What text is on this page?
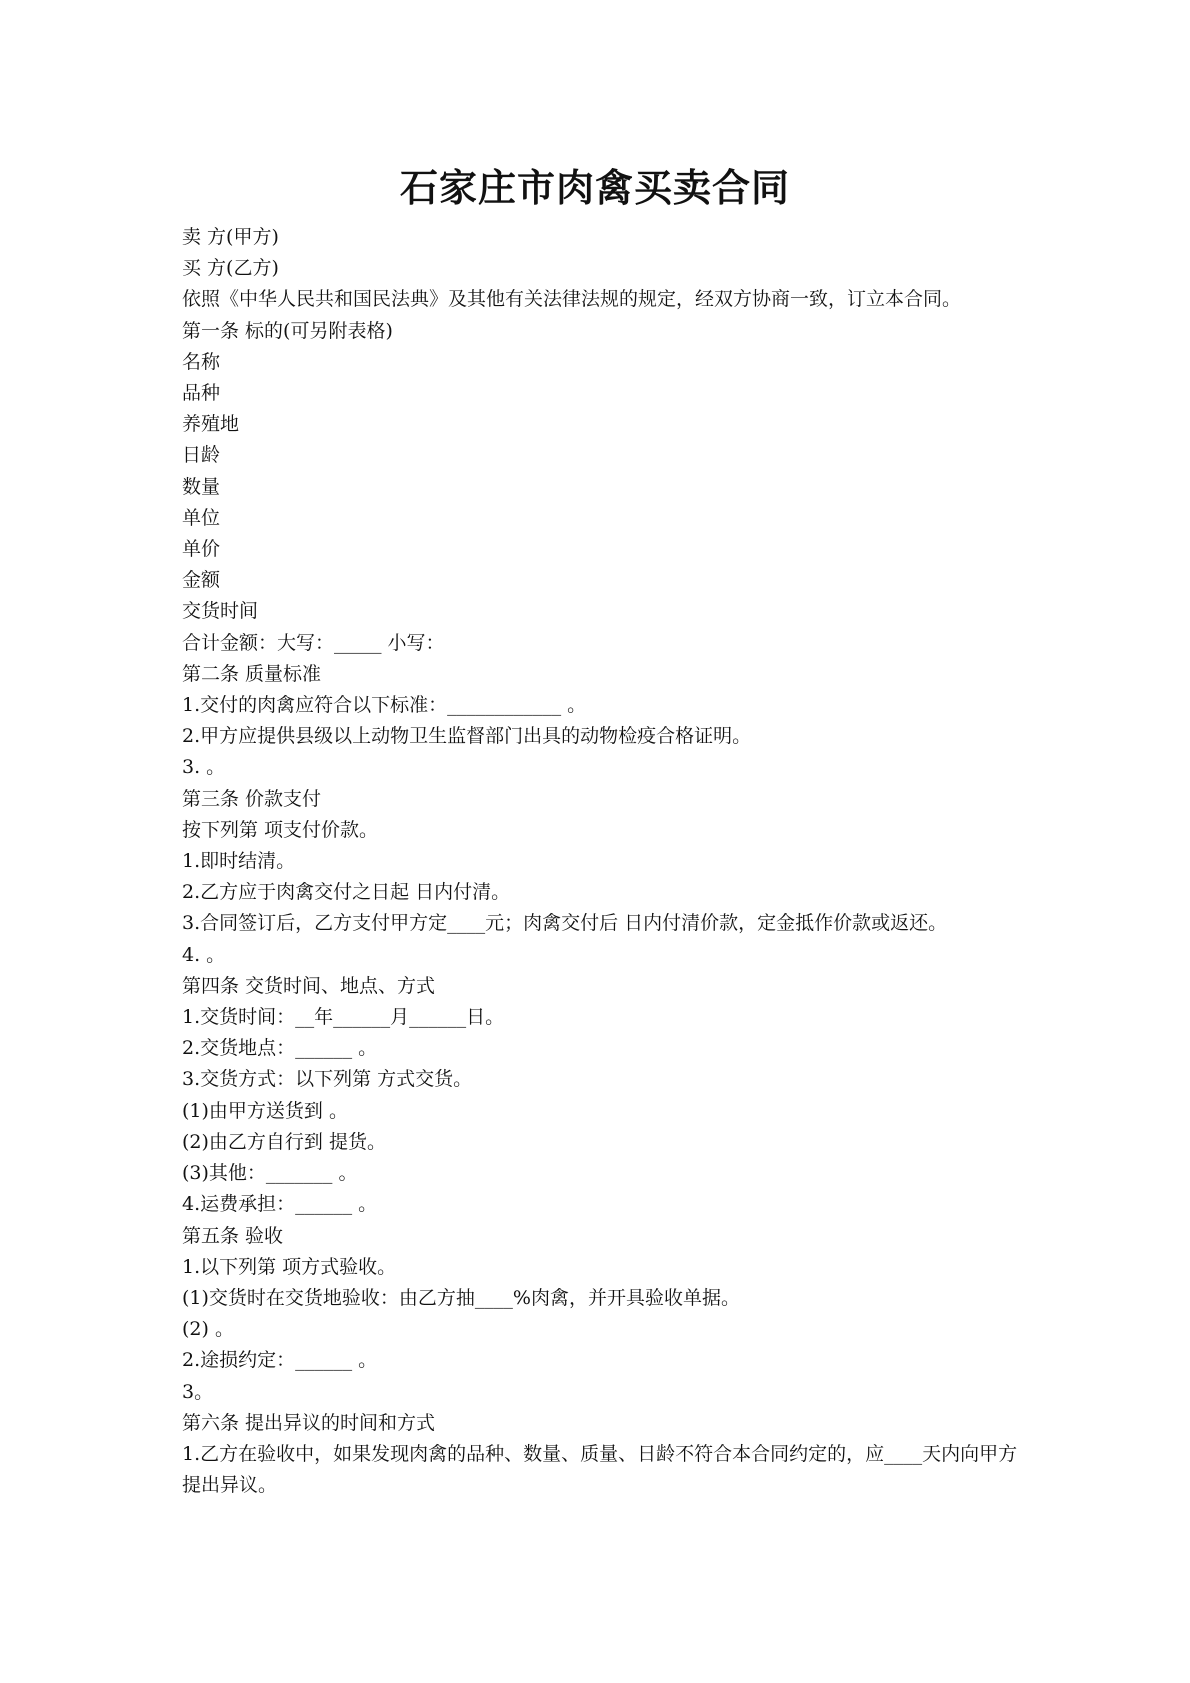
石家庄市肉禽买卖合同

卖 方(甲方)

买 方(乙方)

依照《中华人民共和国民法典》及其他有关法律法规的规定，经双方协商一致，订立本合同。

第一条 标的(可另附表格)

名称

品种

养殖地

日龄

数量

单位

单价

金额

交货时间

合计金额：大写：_____ 小写：

第二条 质量标准

1.交付的肉禽应符合以下标准：____________ 。

2.甲方应提供县级以上动物卫生监督部门出具的动物检疫合格证明。

3. 。

第三条 价款支付

按下列第 项支付价款。

1.即时结清。

2.乙方应于肉禽交付之日起 日内付清。

3.合同签订后，乙方支付甲方定____元；肉禽交付后 日内付清价款，定金抵作价款或返还。

4. 。

第四条 交货时间、地点、方式

1.交货时间：__年______月______日。

2.交货地点：______ 。

3.交货方式：以下列第 方式交货。

(1)由甲方送货到 。

(2)由乙方自行到 提货。

(3)其他：_______ 。

4.运费承担：______ 。

第五条 验收

1.以下列第 项方式验收。

(1)交货时在交货地验收：由乙方抽____%肉禽，并开具验收单据。

(2) 。

2.途损约定：______ 。

3。

第六条 提出异议的时间和方式

1.乙方在验收中，如果发现肉禽的品种、数量、质量、日龄不符合本合同约定的，应____天内向甲方提出异议。
